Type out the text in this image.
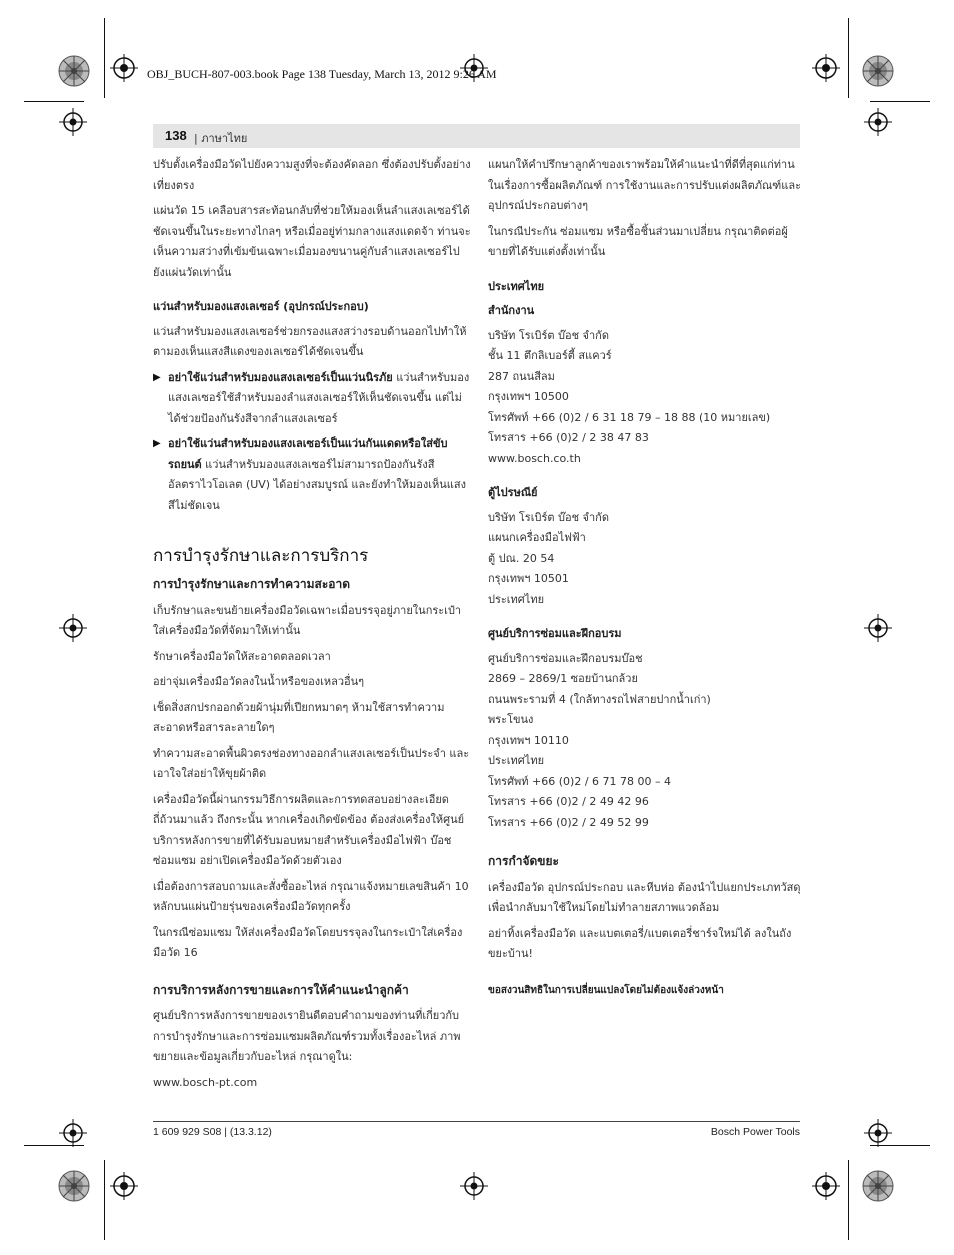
OBJ_BUCH-807-003.book Page 138 Tuesday, March 13, 2012 9:26 AM
138 | ภาษาไทย

ปรับตั้งเครื่องมือวัดไปยังความสูงที่จะต้องคัดลอก ซึ่งต้องปรับตั้งอย่างเที่ยงตรง

แผ่นวัด 15 เคลือบสารสะท้อนกลับที่ช่วยให้มองเห็นลำแสงเลเซอร์ได้ชัดเจนขึ้นในระยะทางไกลๆ หรือเมื่ออยู่ท่ามกลางแสงแดดจ้า ท่านจะเห็นความสว่างที่เข้มข้นเฉพาะเมื่อมองขนานคู่กับลำแสงเลเซอร์ไปยังแผ่นวัดเท่านั้น

แว่นสำหรับมองแสงเลเซอร์ (อุปกรณ์ประกอบ)

แว่นสำหรับมองแสงเลเซอร์ช่วยกรองแสงสว่างรอบด้านออกไปทำให้ตามองเห็นแสงสีแดงของเลเซอร์ได้ชัดเจนขึ้น

▶ อย่าใช้แว่นสำหรับมองแสงเลเซอร์เป็นแว่นนิรภัย แว่นสำหรับมองแสงเลเซอร์ใช้สำหรับมองลำแสงเลเซอร์ให้เห็นชัดเจนขึ้น แต่ไม่ได้ช่วยป้องกันรังสีจากลำแสงเลเซอร์
▶ อย่าใช้แว่นสำหรับมองแสงเลเซอร์เป็นแว่นกันแดดหรือใส่ขับรถยนต์ แว่นสำหรับมองแสงเลเซอร์ไม่สามารถป้องกันรังสีอัลตราไวโอเลต (UV) ได้อย่างสมบูรณ์ และยังทำให้มองเห็นแสงสีไม่ชัดเจน
การบำรุงรักษาและการบริการ
การบำรุงรักษาและการทำความสะอาด

เก็บรักษาและขนย้ายเครื่องมือวัดเฉพาะเมื่อบรรจุอยู่ภายในกระเป๋าใส่เครื่องมือวัดที่จัดมาให้เท่านั้น

รักษาเครื่องมือวัดให้สะอาดตลอดเวลา

อย่าจุ่มเครื่องมือวัดลงในน้ำหรือของเหลวอื่นๆ

เช็ดสิ่งสกปรกออกด้วยผ้านุ่มที่เปียกหมาดๆ ห้ามใช้สารทำความสะอาดหรือสารละลายใดๆ

ทำความสะอาดพื้นผิวตรงช่องทางออกลำแสงเลเซอร์เป็นประจำ และเอาใจใส่อย่าให้ขุยผ้าติด

เครื่องมือวัดนี้ผ่านกรรมวิธีการผลิตและการทดสอบอย่างละเอียดถี่ถ้วนมาแล้ว ถึงกระนั้น หากเครื่องเกิดขัดข้อง ต้องส่งเครื่องให้ศูนย์บริการหลังการขายที่ได้รับมอบหมายสำหรับเครื่องมือไฟฟ้า บ๊อช ซ่อมแซม อย่าเปิดเครื่องมือวัดด้วยตัวเอง

เมื่อต้องการสอบถามและสั่งซื้ออะไหล่ กรุณาแจ้งหมายเลขสินค้า 10 หลักบนแผ่นป้ายรุ่นของเครื่องมือวัดทุกครั้ง

ในกรณีซ่อมแซม ให้ส่งเครื่องมือวัดโดยบรรจุลงในกระเป๋าใส่เครื่องมือวัด 16

การบริการหลังการขายและการให้คำแนะนำลูกค้า

ศูนย์บริการหลังการขายของเรายินดีตอบคำถามของท่านที่เกี่ยวกับการบำรุงรักษาและการซ่อมแซมผลิตภัณฑ์รวมทั้งเรื่องอะไหล่ ภาพขยายและข้อมูลเกี่ยวกับอะไหล่ กรุณาดูใน:

www.bosch-pt.com

แผนกให้คำปรึกษาลูกค้าของเราพร้อมให้คำแนะนำที่ดีที่สุดแก่ท่านในเรื่องการซื้อผลิตภัณฑ์ การใช้งานและการปรับแต่งผลิตภัณฑ์และอุปกรณ์ประกอบต่างๆ

ในกรณีประกัน ซ่อมแซม หรือซื้อชิ้นส่วนมาเปลี่ยน กรุณาติดต่อผู้ขายที่ได้รับแต่งตั้งเท่านั้น

ประเทศไทย
สำนักงาน

บริษัท โรเบิร์ต บ๊อช จำกัด

ชั้น 11 ตึกลิเบอร์ตี้ สแควร์

287 ถนนสีลม

กรุงเทพฯ 10500

โทรศัพท์ +66 (0)2 / 6 31 18 79 – 18 88 (10 หมายเลข)

โทรสาร +66 (0)2 / 2 38 47 83

www.bosch.co.th

ตู้ไปรษณีย์

บริษัท โรเบิร์ต บ๊อช จำกัด

แผนกเครื่องมือไฟฟ้า

ตู้ ปณ. 20 54

กรุงเทพฯ 10501

ประเทศไทย

ศูนย์บริการซ่อมและฝึกอบรม

ศูนย์บริการซ่อมและฝึกอบรมบ๊อช

2869 – 2869/1 ซอยบ้านกล้วย

ถนนพระรามที่ 4 (ใกล้ทางรถไฟสายปากน้ำเก่า)

พระโขนง

กรุงเทพฯ 10110

ประเทศไทย

โทรศัพท์ +66 (0)2 / 6 71 78 00 – 4

โทรสาร +66 (0)2 / 2 49 42 96

โทรสาร +66 (0)2 / 2 49 52 99

การกำจัดขยะ

เครื่องมือวัด อุปกรณ์ประกอบ และหีบห่อ ต้องนำไปแยกประเภทวัสดุเพื่อนำกลับมาใช้ใหม่โดยไม่ทำลายสภาพแวดล้อม

อย่าทิ้งเครื่องมือวัด และแบตเตอรี่/แบตเตอรี่ชาร์จใหม่ได้ ลงในถังขยะบ้าน!

ขอสงวนสิทธิในการเปลี่ยนแปลงโดยไม่ต้องแจ้งล่วงหน้า
1 609 929 S08 | (13.3.12)	Bosch Power Tools
